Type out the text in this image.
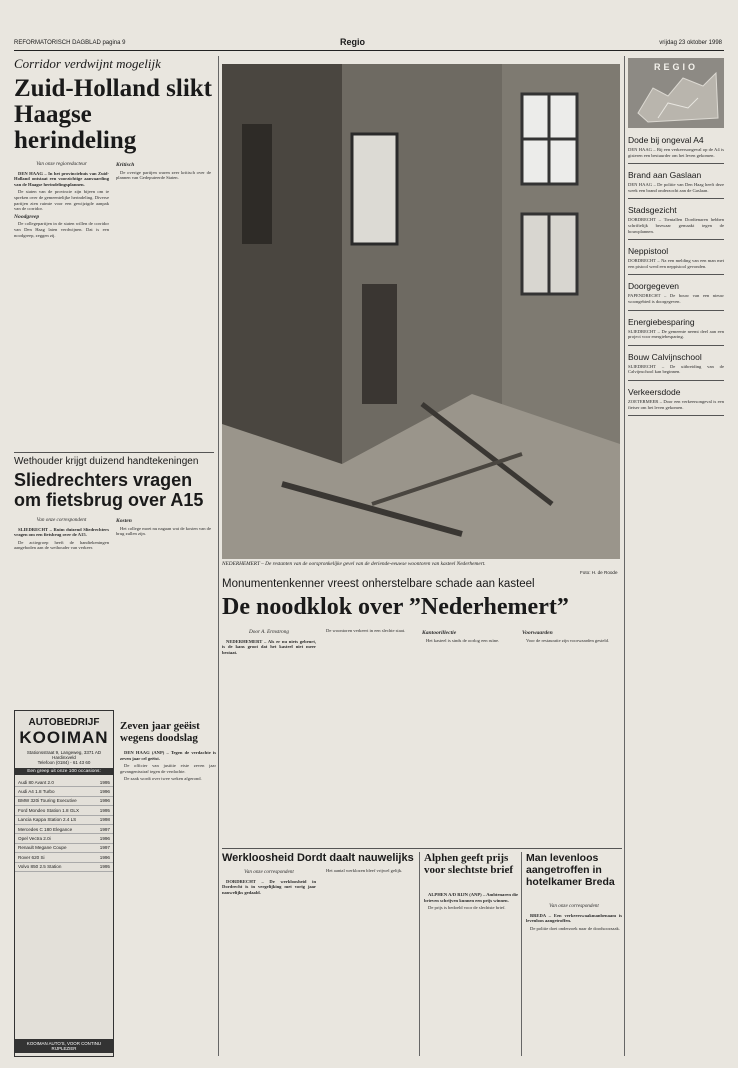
REFORMATORISCH DAGBLAD pagina 9	Regio	vrijdag 23 oktober 1998
Corridor verdwijnt mogelijk
Zuid-Holland slikt Haagse herindeling
Van onze regioredacteur

DEN HAAG – In het provinciehuis van Zuid-Holland ontstaat een voorzichtige aanvaarding van de Haagse herindelingsplannen.

De staten van de provincie zijn bijeen om te spreken over de gemeentelijke herindeling. Diverse partijen zien ruimte voor een gewijzigde aanpak van de corridor.

Noodgreep

De collegepartijen in de staten willen de corridor van Den Haag laten verdwijnen. Dat is een noodgreep, zeggen zij.

Kritisch

De overige partijen waren zeer kritisch over de plannen van Gedeputeerde Staten.

Wethouder krijgt duizend handtekeningen
Sliedrechters vragen om fietsbrug over A15
Van onze correspondent

SLIEDRECHT – Ruim duizend Sliedrechters vragen om een fietsbrug over de A15.

De actiegroep heeft de handtekeningen aangeboden aan de wethouder van verkeer.

Kosten

Het college moet nu nagaan wat de kosten van de brug zullen zijn.

AUTOBEDRIJF
KOOIMAN
Stationsstraat 9, Langeweg, 3371 AD Hardinxveld
Telefoon (0184) - 61 43 60
Een greep uit onze 100 occasions:
Audi 80 Avant 2.0	1995
Audi A4 1.8 Turbo	1996
BMW 320i Touring Executive	1996
Ford Mondeo Station 1.8 GLX	1995
Lancia Kappa Station 2.4 LS	1998
Mercedes C 180 Elegance	1997
Opel Vectra 2.0i	1996
Renault Megane Coupe	1997
Rover 620 Si	1996
Volvo 850 2.5 Station	1995
KOOIMAN AUTO'S, VOOR CONTINU RIJPLEZIER
Zeven jaar geëist wegens doodslag

DEN HAAG (ANP) – Tegen de verdachte is zeven jaar cel geëist.

De officier van justitie eiste zeven jaar gevangenisstraf tegen de verdachte.

De zaak wordt over twee weken afgerond.

NEDERHEMERT – De restanten van de oorspronkelijke gevel van de deriende-eeuwse woontoren van kasteel Nederhemert.
Foto: H. de Roode
Monumentenkenner vreest onherstelbare schade aan kasteel
De noodklok over ”Nederhemert”
Door A. Ermstrong

NEDERHEMERT – Als er nu niets gebeurt, is de kans groot dat het kasteel niet meer bestaat.

De woontoren verkeert in een slechte staat.	Kantoorillectie

Het kasteel is sinds de oorlog een ruïne.

Voorwaarden

Voor de restauratie zijn voorwaarden gesteld.

Werkloosheid Dordt daalt nauwelijks
Van onze correspondent

DORDRECHT – De werkloosheid in Dordrecht is in vergelijking met vorig jaar nauwelijks gedaald.

Het aantal werklozen bleef vrijwel gelijk.

Alphen geeft prijs voor slechtste brief

ALPHEN A/D RIJN (ANP) – Ambtenaren die brieven schrijven kunnen een prijs winnen.

De prijs is bedoeld voor de slechtste brief.

Man levenloos aangetroffen in hotelkamer Breda
Van onze correspondent

BREDA – Een verkeerswaakmanbenaam is levenloos aangetroffen.

De politie doet onderzoek naar de doodsoorzaak.

REGIO
Dode bij ongeval A4
DEN HAAG – Bij een verkeersongeval op de A4 is gisteren een bestuurder om het leven gekomen.
Brand aan Gaslaan
DEN HAAG – De politie van Den Haag heeft deze week een brand onderzocht aan de Gaslaan.
Stadsgezicht
DORDRECHT – Tientallen Dordtenaren hebben schriftelijk bezwaar gemaakt tegen de bouwplannen.
Neppistool
DORDRECHT – Na een melding van een man met een pistool werd een neppistool gevonden.
Doorgegeven
PAPENDRECHT – De bouw van een nieuw woongebied is doorgegeven.
Energiebesparing
SLIEDRECHT – De gemeente neemt deel aan een project voor energiebesparing.
Bouw Calvijnschool
SLIEDRECHT – De uitbreiding van de Calvijnschool kan beginnen.
Verkeersdode
ZOETERMEER – Door een verkeersongeval is een fietser om het leven gekomen.
